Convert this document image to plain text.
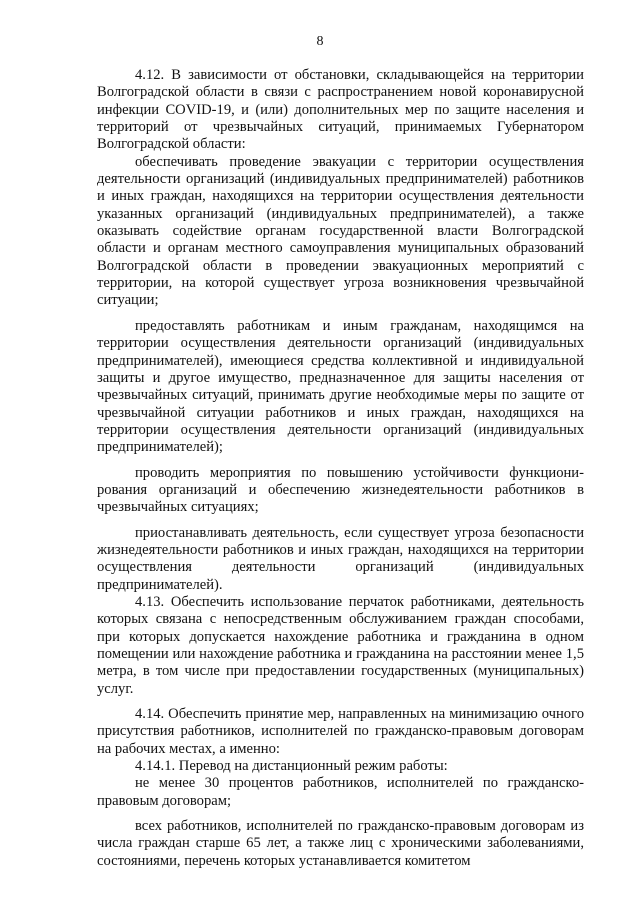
8

4.12. В зависимости от обстановки, складывающейся на территории Волгоградской области в связи с распространением новой коронавирусной инфекции COVID-19, и (или) дополнительных мер по защите населения и территорий от чрезвычайных ситуаций, принимаемых Губернатором Волгоградской области:

обеспечивать проведение эвакуации с территории осуществления деятельности организаций (индивидуальных предпринимателей) работников и иных граждан, находящихся на территории осуществления деятельности указанных организаций (индивидуальных предпринимателей), а также оказывать содействие органам государственной власти Волгоградской области и органам местного самоуправления муниципальных образований Волгоградской области в проведении эвакуационных мероприятий с территории, на которой существует угроза возникновения чрезвычайной ситуации;

предоставлять работникам и иным гражданам, находящимся на территории осуществления деятельности организаций (индивидуальных предпринимателей), имеющиеся средства коллективной и индивидуальной защиты и другое имущество, предназначенное для защиты населения от чрезвычайных ситуаций, принимать другие необходимые меры по защите от чрезвычайной ситуации работников и иных граждан, находящихся на территории осуществления деятельности организаций (индивидуальных предпринимателей);

проводить мероприятия по повышению устойчивости функционирования организаций и обеспечению жизнедеятельности работников в чрезвычайных ситуациях;

приостанавливать деятельность, если существует угроза безопасности жизнедеятельности работников и иных граждан, находящихся на территории осуществления деятельности организаций (индивидуальных предпринимателей).

4.13. Обеспечить использование перчаток работниками, деятельность которых связана с непосредственным обслуживанием граждан способами, при которых допускается нахождение работника и гражданина в одном помещении или нахождение работника и гражданина на расстоянии менее 1,5 метра, в том числе при предоставлении государственных (муниципальных) услуг.

4.14. Обеспечить принятие мер, направленных на минимизацию очного присутствия работников, исполнителей по гражданско-правовым договорам на рабочих местах, а именно:

4.14.1. Перевод на дистанционный режим работы:

не менее 30 процентов работников, исполнителей по гражданско-правовым договорам;

всех работников, исполнителей по гражданско-правовым договорам из числа граждан старше 65 лет, а также лиц с хроническими заболеваниями, состояниями, перечень которых устанавливается комитетом
